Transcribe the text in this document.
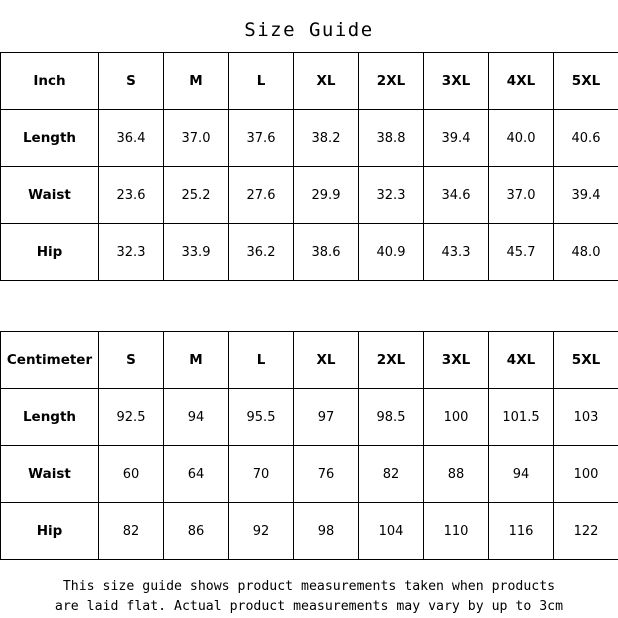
Size Guide
Inch	S	M	L	XL	2XL	3XL	4XL	5XL
Length	36.4	37.0	37.6	38.2	38.8	39.4	40.0	40.6
Waist	23.6	25.2	27.6	29.9	32.3	34.6	37.0	39.4
Hip	32.3	33.9	36.2	38.6	40.9	43.3	45.7	48.0
Centimeter	S	M	L	XL	2XL	3XL	4XL	5XL
Length	92.5	94	95.5	97	98.5	100	101.5	103
Waist	60	64	70	76	82	88	94	100
Hip	82	86	92	98	104	110	116	122
This size guide shows product measurements taken when products
are laid flat. Actual product measurements may vary by up to 3cm
